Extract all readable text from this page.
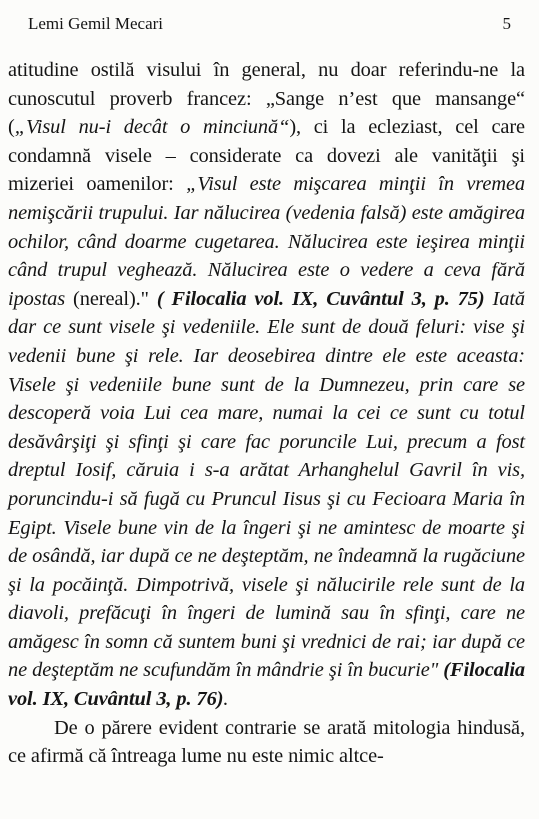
Lemi Gemil Mecari	5

atitudine ostilă visului în general, nu doar referindu-ne la cunoscutul proverb francez: „Sange n’est que mansange“ („Visul nu-i decât o minciună“), ci la ecleziast, cel care condamnă visele – considerate ca dovezi ale vanităţii şi mizeriei oamenilor: „Visul este mişcarea minţii în vremea nemişcării trupului. Iar nălucirea (vedenia falsă) este amăgirea ochilor, când doarme cugetarea. Nălucirea este ieşirea minţii când trupul veghează. Nălucirea este o vedere a ceva fără ipostas (nereal)." ( Filocalia vol. IX, Cuvântul 3, p. 75) Iată dar ce sunt visele şi vedeniile. Ele sunt de două feluri: vise şi vedenii bune şi rele. Iar deosebirea dintre ele este aceasta: Visele şi vedeniile bune sunt de la Dumnezeu, prin care se descoperă voia Lui cea mare, numai la cei ce sunt cu totul desăvârşiţi şi sfinţi şi care fac poruncile Lui, precum a fost dreptul Iosif, căruia i s-a arătat Arhanghelul Gavril în vis, poruncindu-i să fugă cu Pruncul Iisus şi cu Fecioara Maria în Egipt. Visele bune vin de la îngeri şi ne amintesc de moarte şi de osândă, iar după ce ne deşteptăm, ne îndeamnă la rugăciune şi la pocăinţă. Dimpotrivă, visele şi nălucirile rele sunt de la diavoli, prefăcuţi în îngeri de lumină sau în sfinţi, care ne amăgesc în somn că suntem buni şi vrednici de rai; iar după ce ne deşteptăm ne scufundăm în mândrie şi în bucurie" (Filocalia vol. IX, Cuvântul 3, p. 76).

De o părere evident contrarie se arată mitologia hindusă, ce afirmă că întreaga lume nu este nimic altce-
